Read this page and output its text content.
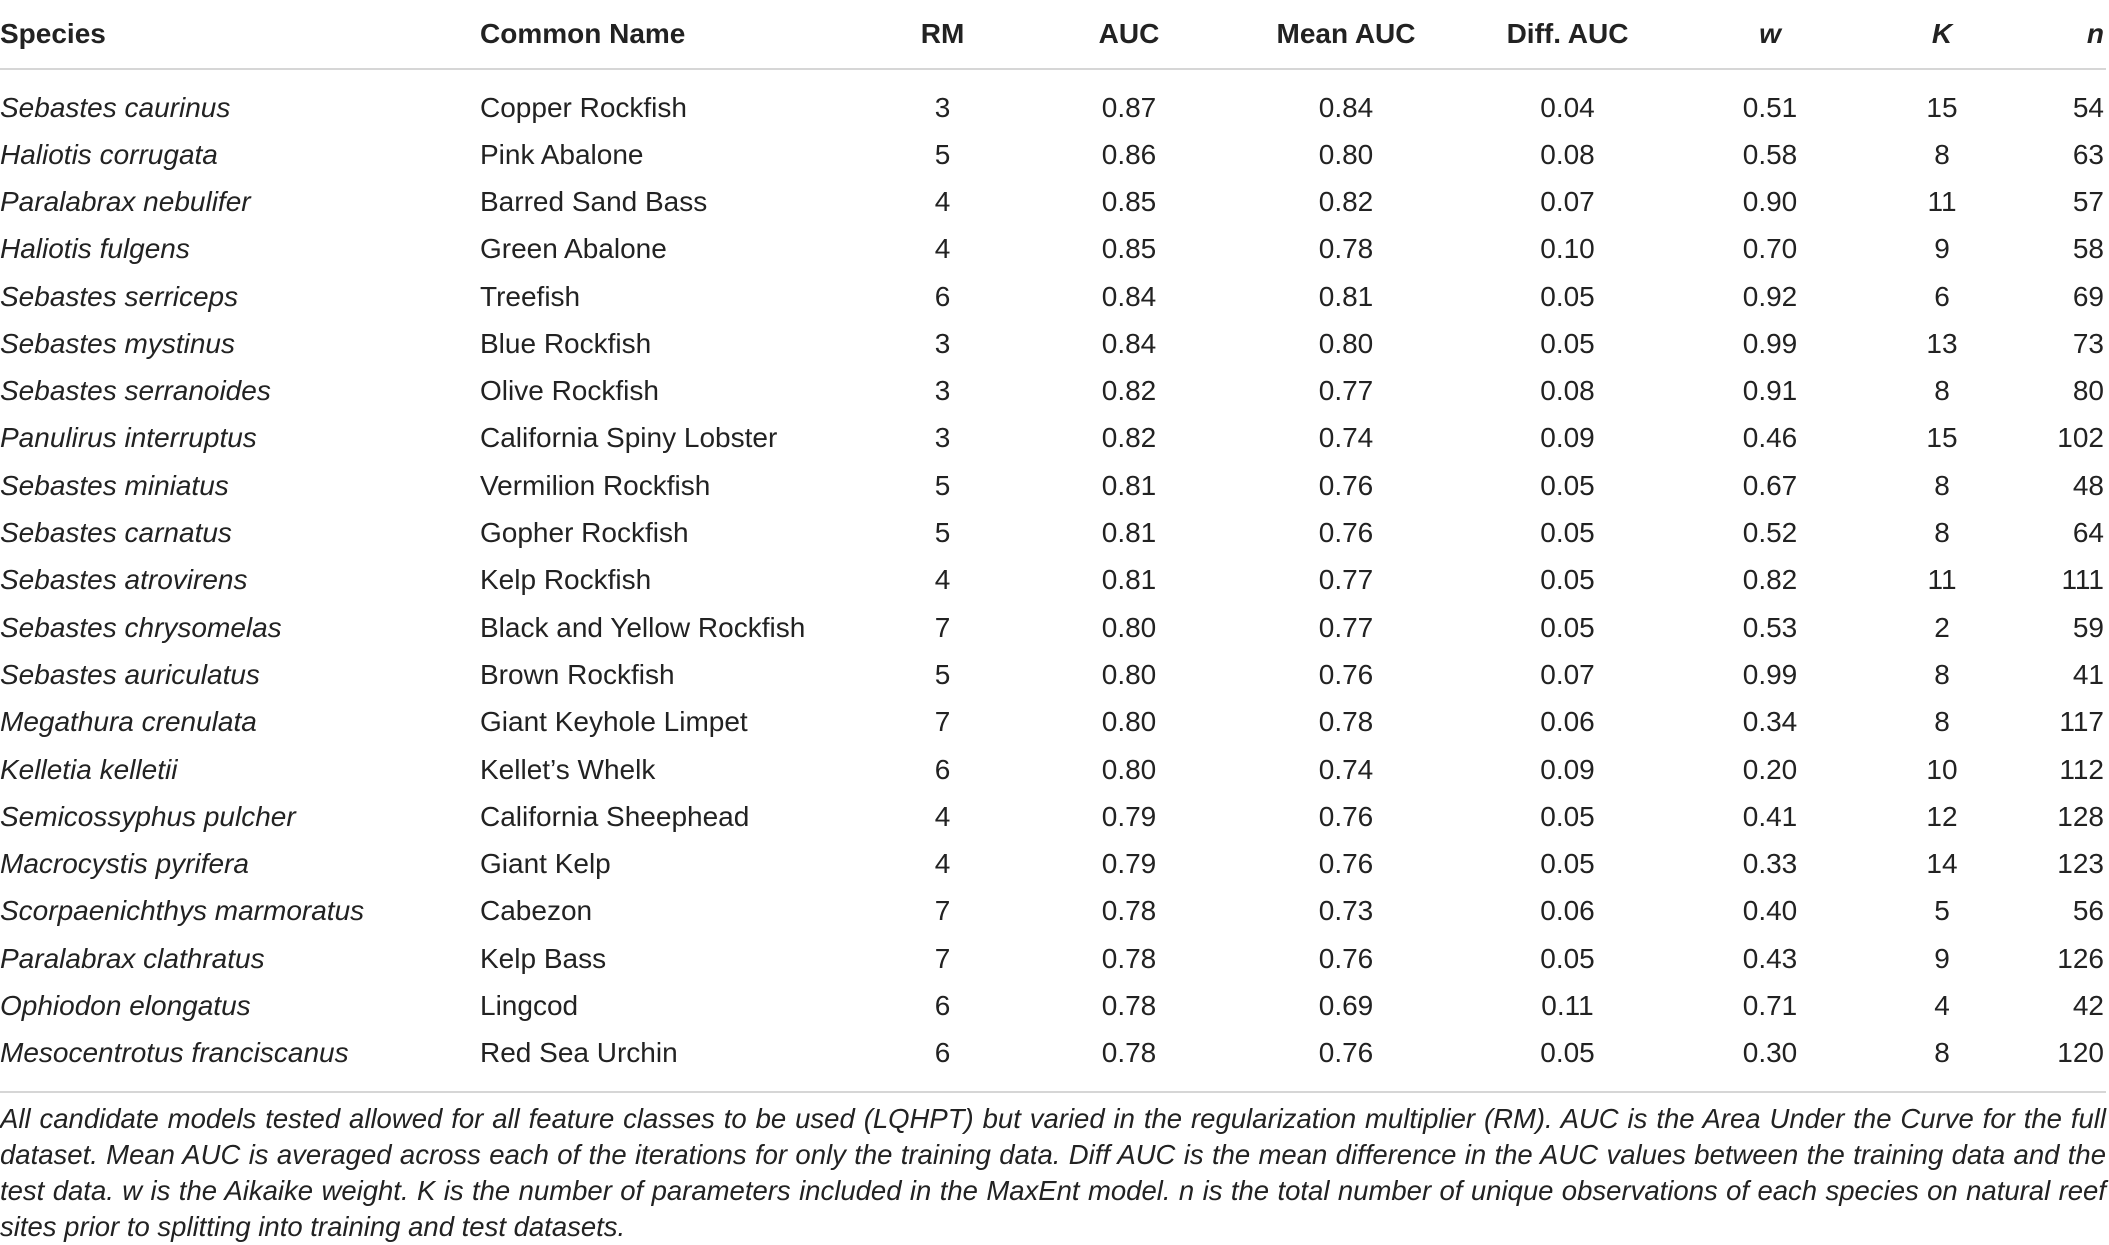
Species	Common Name	RM	AUC	Mean AUC	Diff. AUC	w	K	n
Sebastes caurinus	Copper Rockfish	3	0.87	0.84	0.04	0.51	15	54
Haliotis corrugata	Pink Abalone	5	0.86	0.80	0.08	0.58	8	63
Paralabrax nebulifer	Barred Sand Bass	4	0.85	0.82	0.07	0.90	11	57
Haliotis fulgens	Green Abalone	4	0.85	0.78	0.10	0.70	9	58
Sebastes serriceps	Treefish	6	0.84	0.81	0.05	0.92	6	69
Sebastes mystinus	Blue Rockfish	3	0.84	0.80	0.05	0.99	13	73
Sebastes serranoides	Olive Rockfish	3	0.82	0.77	0.08	0.91	8	80
Panulirus interruptus	California Spiny Lobster	3	0.82	0.74	0.09	0.46	15	102
Sebastes miniatus	Vermilion Rockfish	5	0.81	0.76	0.05	0.67	8	48
Sebastes carnatus	Gopher Rockfish	5	0.81	0.76	0.05	0.52	8	64
Sebastes atrovirens	Kelp Rockfish	4	0.81	0.77	0.05	0.82	11	111
Sebastes chrysomelas	Black and Yellow Rockfish	7	0.80	0.77	0.05	0.53	2	59
Sebastes auriculatus	Brown Rockfish	5	0.80	0.76	0.07	0.99	8	41
Megathura crenulata	Giant Keyhole Limpet	7	0.80	0.78	0.06	0.34	8	117
Kelletia kelletii	Kellet’s Whelk	6	0.80	0.74	0.09	0.20	10	112
Semicossyphus pulcher	California Sheephead	4	0.79	0.76	0.05	0.41	12	128
Macrocystis pyrifera	Giant Kelp	4	0.79	0.76	0.05	0.33	14	123
Scorpaenichthys marmoratus	Cabezon	7	0.78	0.73	0.06	0.40	5	56
Paralabrax clathratus	Kelp Bass	7	0.78	0.76	0.05	0.43	9	126
Ophiodon elongatus	Lingcod	6	0.78	0.69	0.11	0.71	4	42
Mesocentrotus franciscanus	Red Sea Urchin	6	0.78	0.76	0.05	0.30	8	120
All candidate models tested allowed for all feature classes to be used (LQHPT) but varied in the regularization multiplier (RM). AUC is the Area Under the Curve for the full dataset. Mean AUC is averaged across each of the iterations for only the training data. Diff AUC is the mean difference in the AUC values between the training data and the test data. w is the Aikaike weight. K is the number of parameters included in the MaxEnt model. n is the total number of unique observations of each species on natural reef sites prior to splitting into training and test datasets.
